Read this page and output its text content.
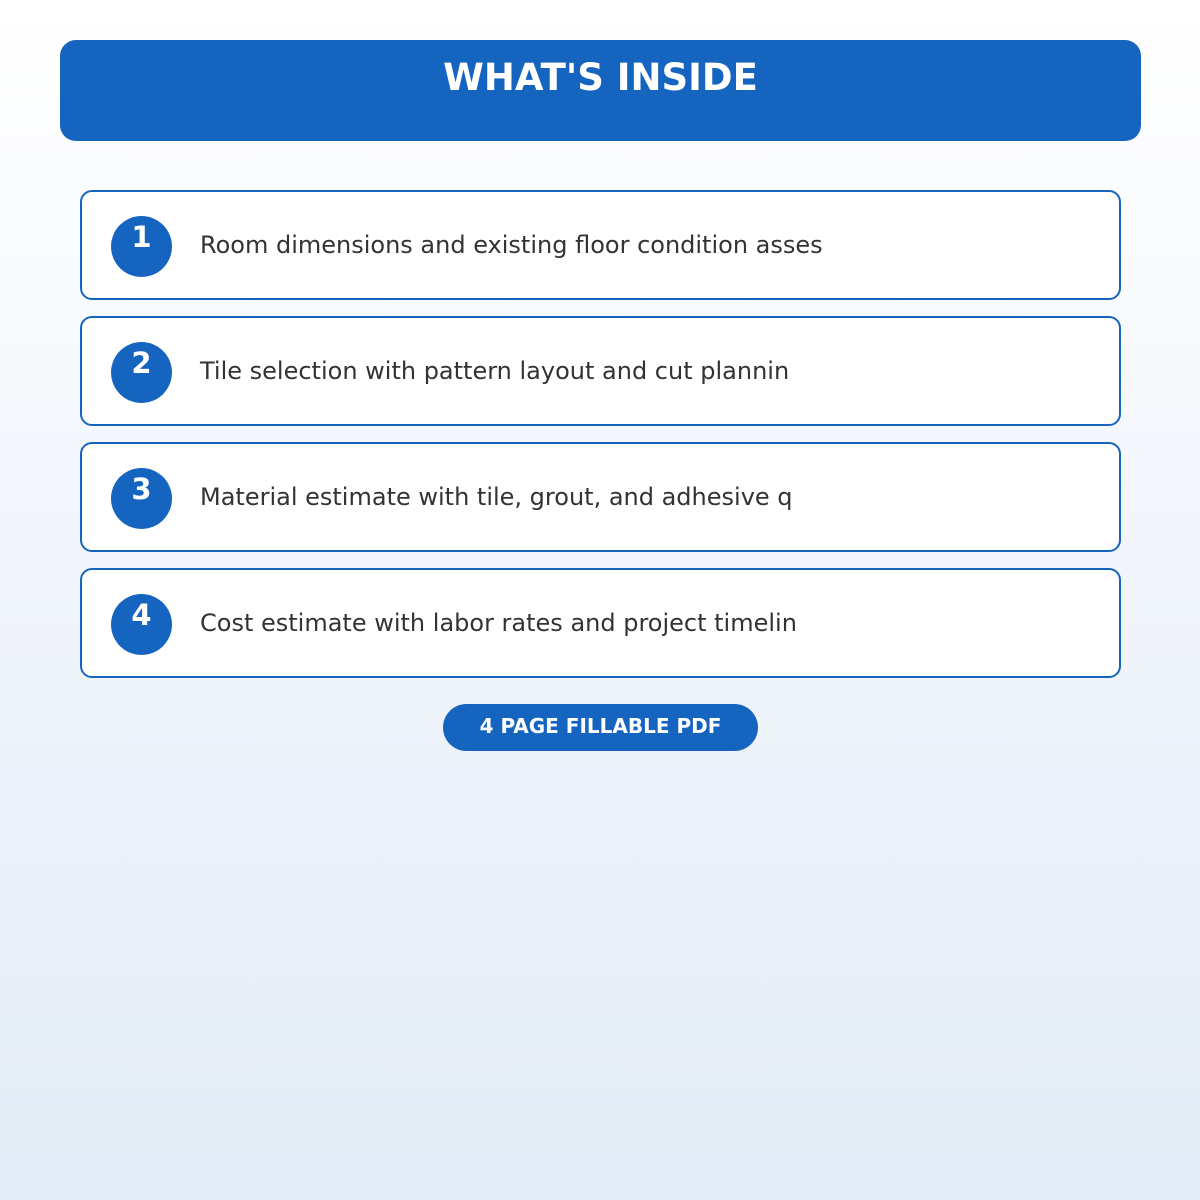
WHAT'S INSIDE
1	Room dimensions and existing floor condition asses
2	Tile selection with pattern layout and cut plannin
3	Material estimate with tile, grout, and adhesive q
4	Cost estimate with labor rates and project timelin
4 PAGE FILLABLE PDF
